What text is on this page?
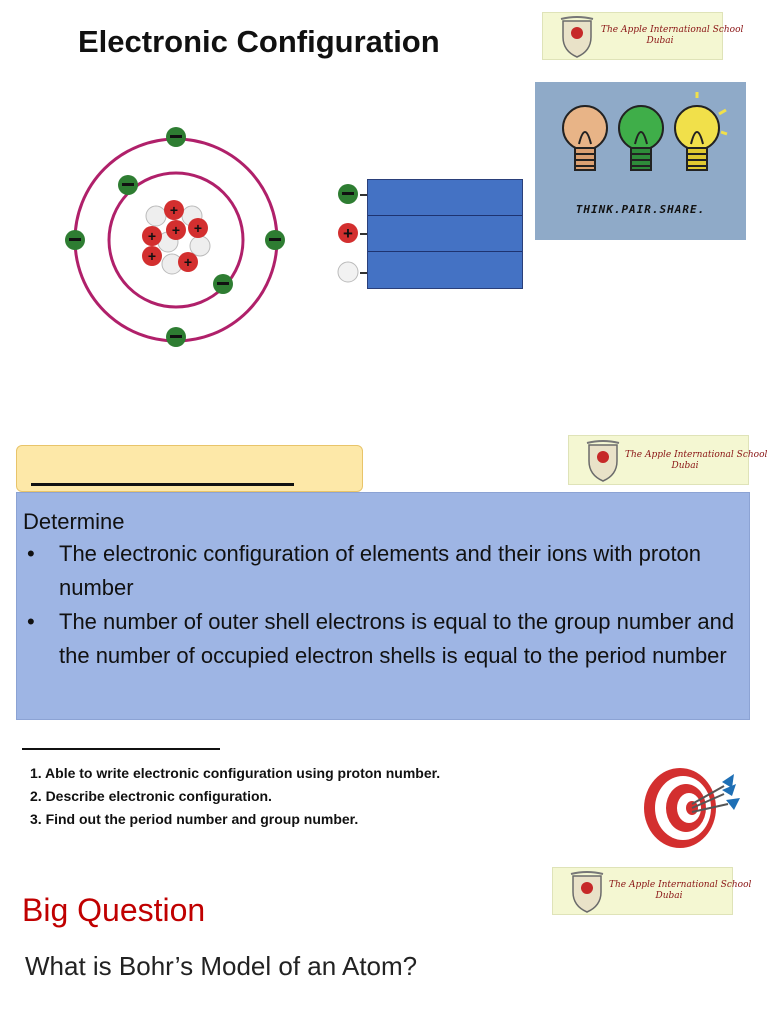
Electronic Configuration	The Apple International School
Dubai
THINK.PAIR.SHARE.
+
+ + +
+ +
+
The Apple International School
Dubai
Determine
• The electronic configuration of elements and their ions with proton number
• The number of outer shell electrons is equal to the group number and the number of occupied electron shells is equal to the period number
1. Able to write electronic configuration using proton number.
2. Describe electronic configuration.
3. Find out the period number and group number.
The Apple International School
Dubai
Big Question
What is Bohr’s Model of an Atom?
